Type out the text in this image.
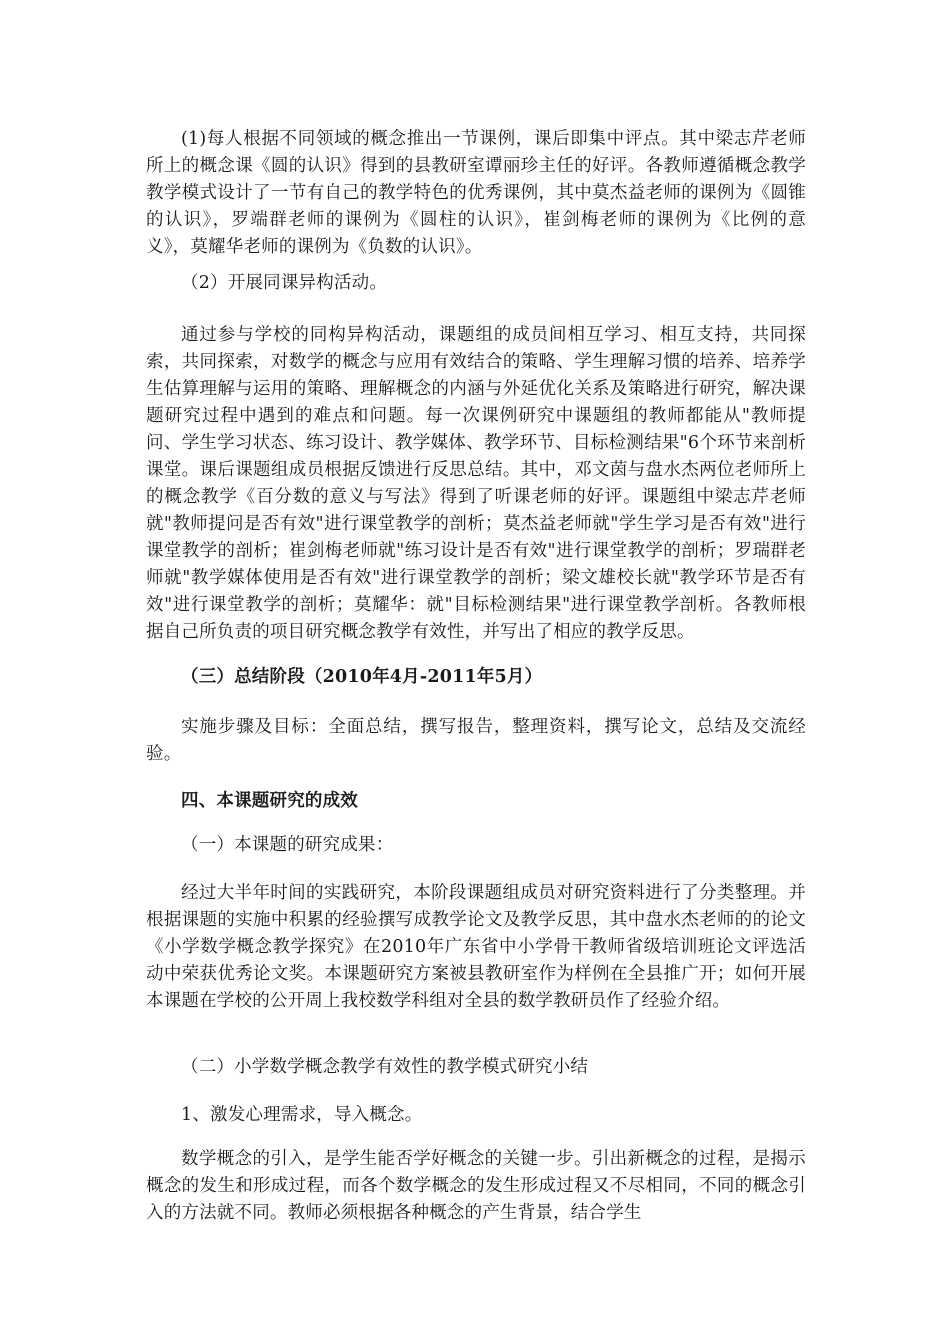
(1)每人根据不同领域的概念推出一节课例，课后即集中评点。其中梁志芹老师所上的概念课《圆的认识》得到的县教研室谭丽珍主任的好评。各教师遵循概念教学教学模式设计了一节有自己的教学特色的优秀课例，其中莫杰益老师的课例为《圆锥的认识》，罗端群老师的课例为《圆柱的认识》，崔剑梅老师的课例为《比例的意义》，莫耀华老师的课例为《负数的认识》。

（2）开展同课异构活动。

通过参与学校的同构异构活动，课题组的成员间相互学习、相互支持，共同探索，共同探索，对数学的概念与应用有效结合的策略、学生理解习惯的培养、培养学生估算理解与运用的策略、理解概念的内涵与外延优化关系及策略进行研究，解决课题研究过程中遇到的难点和问题。每一次课例研究中课题组的教师都能从"教师提问、学生学习状态、练习设计、教学媒体、教学环节、目标检测结果"6个环节来剖析课堂。课后课题组成员根据反馈进行反思总结。其中，邓文茵与盘水杰两位老师所上的概念教学《百分数的意义与写法》得到了听课老师的好评。课题组中梁志芹老师就"教师提问是否有效"进行课堂教学的剖析；莫杰益老师就"学生学习是否有效"进行课堂教学的剖析；崔剑梅老师就"练习设计是否有效"进行课堂教学的剖析；罗瑞群老师就"教学媒体使用是否有效"进行课堂教学的剖析；梁文雄校长就"教学环节是否有效"进行课堂教学的剖析；莫耀华：就"目标检测结果"进行课堂教学剖析。各教师根据自己所负责的项目研究概念教学有效性，并写出了相应的教学反思。

（三）总结阶段（2010年4月-2011年5月）

实施步骤及目标：全面总结，撰写报告，整理资料，撰写论文，总结及交流经验。

四、本课题研究的成效

（一）本课题的研究成果：

经过大半年时间的实践研究，本阶段课题组成员对研究资料进行了分类整理。并根据课题的实施中积累的经验撰写成教学论文及教学反思，其中盘水杰老师的的论文《小学数学概念教学探究》在2010年广东省中小学骨干教师省级培训班论文评选活动中荣获优秀论文奖。本课题研究方案被县教研室作为样例在全县推广开；如何开展本课题在学校的公开周上我校数学科组对全县的数学教研员作了经验介绍。

（二）小学数学概念教学有效性的教学模式研究小结

1、激发心理需求，导入概念。

数学概念的引入，是学生能否学好概念的关键一步。引出新概念的过程，是揭示概念的发生和形成过程，而各个数学概念的发生形成过程又不尽相同，不同的概念引入的方法就不同。教师必须根据各种概念的产生背景，结合学生
